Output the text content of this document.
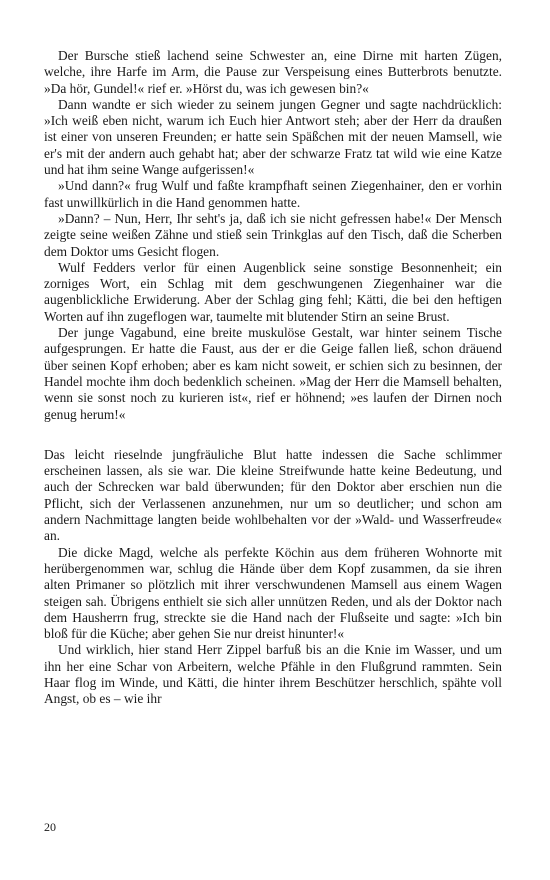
Der Bursche stieß lachend seine Schwester an, eine Dirne mit harten Zügen, welche, ihre Harfe im Arm, die Pause zur Verspeisung eines Butterbrots benutzte. »Da hör, Gundel!« rief er. »Hörst du, was ich gewesen bin?«

Dann wandte er sich wieder zu seinem jungen Gegner und sagte nachdrücklich: »Ich weiß eben nicht, warum ich Euch hier Antwort steh; aber der Herr da draußen ist einer von unseren Freunden; er hatte sein Späßchen mit der neuen Mamsell, wie er's mit der andern auch gehabt hat; aber der schwarze Fratz tat wild wie eine Katze und hat ihm seine Wange aufgerissen!«

»Und dann?« frug Wulf und faßte krampfhaft seinen Ziegenhainer, den er vorhin fast unwillkürlich in die Hand genommen hatte.

»Dann? – Nun, Herr, Ihr seht's ja, daß ich sie nicht gefressen habe!« Der Mensch zeigte seine weißen Zähne und stieß sein Trinkglas auf den Tisch, daß die Scherben dem Doktor ums Gesicht flogen.

Wulf Fedders verlor für einen Augenblick seine sonstige Besonnenheit; ein zorniges Wort, ein Schlag mit dem geschwungenen Ziegenhainer war die augenblickliche Erwiderung. Aber der Schlag ging fehl; Kätti, die bei den heftigen Worten auf ihn zugeflogen war, taumelte mit blutender Stirn an seine Brust.

Der junge Vagabund, eine breite muskulöse Gestalt, war hinter seinem Tische aufgesprungen. Er hatte die Faust, aus der er die Geige fallen ließ, schon dräuend über seinen Kopf erhoben; aber es kam nicht soweit, er schien sich zu besinnen, der Handel mochte ihm doch bedenklich scheinen. »Mag der Herr die Mamsell behalten, wenn sie sonst noch zu kurieren ist«, rief er höhnend; »es laufen der Dirnen noch genug herum!«

Das leicht rieselnde jungfräuliche Blut hatte indessen die Sache schlimmer erscheinen lassen, als sie war. Die kleine Streifwunde hatte keine Bedeutung, und auch der Schrecken war bald überwunden; für den Doktor aber erschien nun die Pflicht, sich der Verlassenen anzunehmen, nur um so deutlicher; und schon am andern Nachmittage langten beide wohlbehalten vor der »Wald- und Wasserfreude« an.

Die dicke Magd, welche als perfekte Köchin aus dem früheren Wohnorte mit herübergenommen war, schlug die Hände über dem Kopf zusammen, da sie ihren alten Primaner so plötzlich mit ihrer verschwundenen Mamsell aus einem Wagen steigen sah. Übrigens enthielt sie sich aller unnützen Reden, und als der Doktor nach dem Hausherrn frug, streckte sie die Hand nach der Flußseite und sagte: »Ich bin bloß für die Küche; aber gehen Sie nur dreist hinunter!«

Und wirklich, hier stand Herr Zippel barfuß bis an die Knie im Wasser, und um ihn her eine Schar von Arbeitern, welche Pfähle in den Flußgrund rammten. Sein Haar flog im Winde, und Kätti, die hinter ihrem Beschützer herschlich, spähte voll Angst, ob es – wie ihr

20
